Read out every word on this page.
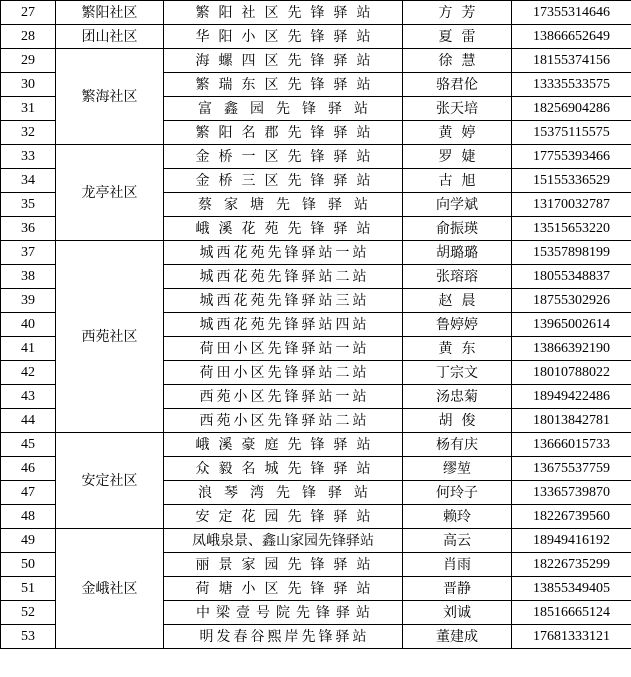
27	繁阳社区	繁阳社区先锋驿站	方  芳	17355314646
28	团山社区	华阳小区先锋驿站	夏  雷	13866652649
29	繁海社区	海螺四区先锋驿站	徐  慧	18155374156
30		繁瑞东区先锋驿站	骆君伦	13335533575
31		富鑫园先锋驿站	张天培	18256904286
32		繁阳名郡先锋驿站	黄  婷	15375115575
33	龙亭社区	金桥一区先锋驿站	罗  婕	17755393466
34		金桥三区先锋驿站	古  旭	15155336529
35		蔡家塘先锋驿站	向学斌	13170032787
36		峨溪花苑先锋驿站	俞振瑛	13515653220
37	西苑社区	城西花苑先锋驿站一站	胡璐璐	15357898199
38		城西花苑先锋驿站二站	张瑢瑢	18055348837
39		城西花苑先锋驿站三站	赵  晨	18755302926
40		城西花苑先锋驿站四站	鲁婷婷	13965002614
41		荷田小区先锋驿站一站	黄  东	13866392190
42		荷田小区先锋驿站二站	丁宗文	18010788022
43		西苑小区先锋驿站一站	汤忠菊	18949422486
44		西苑小区先锋驿站二站	胡  俊	18013842781
45	安定社区	峨溪豪庭先锋驿站	杨有庆	13666015733
46		众毅名城先锋驿站	缪堃	13675537759
47		浪琴湾先锋驿站	何玲子	13365739870
48		安定花园先锋驿站	赖玲	18226739560
49	金峨社区	凤峨泉景、鑫山家园先锋驿站	高云	18949416192
50		丽景家园先锋驿站	肖雨	18226735299
51		荷塘小区先锋驿站	晋静	13855349405
52		中梁壹号院先锋驿站	刘诚	18516665124
53		明发春谷熙岸先锋驿站	董建成	17681333121
